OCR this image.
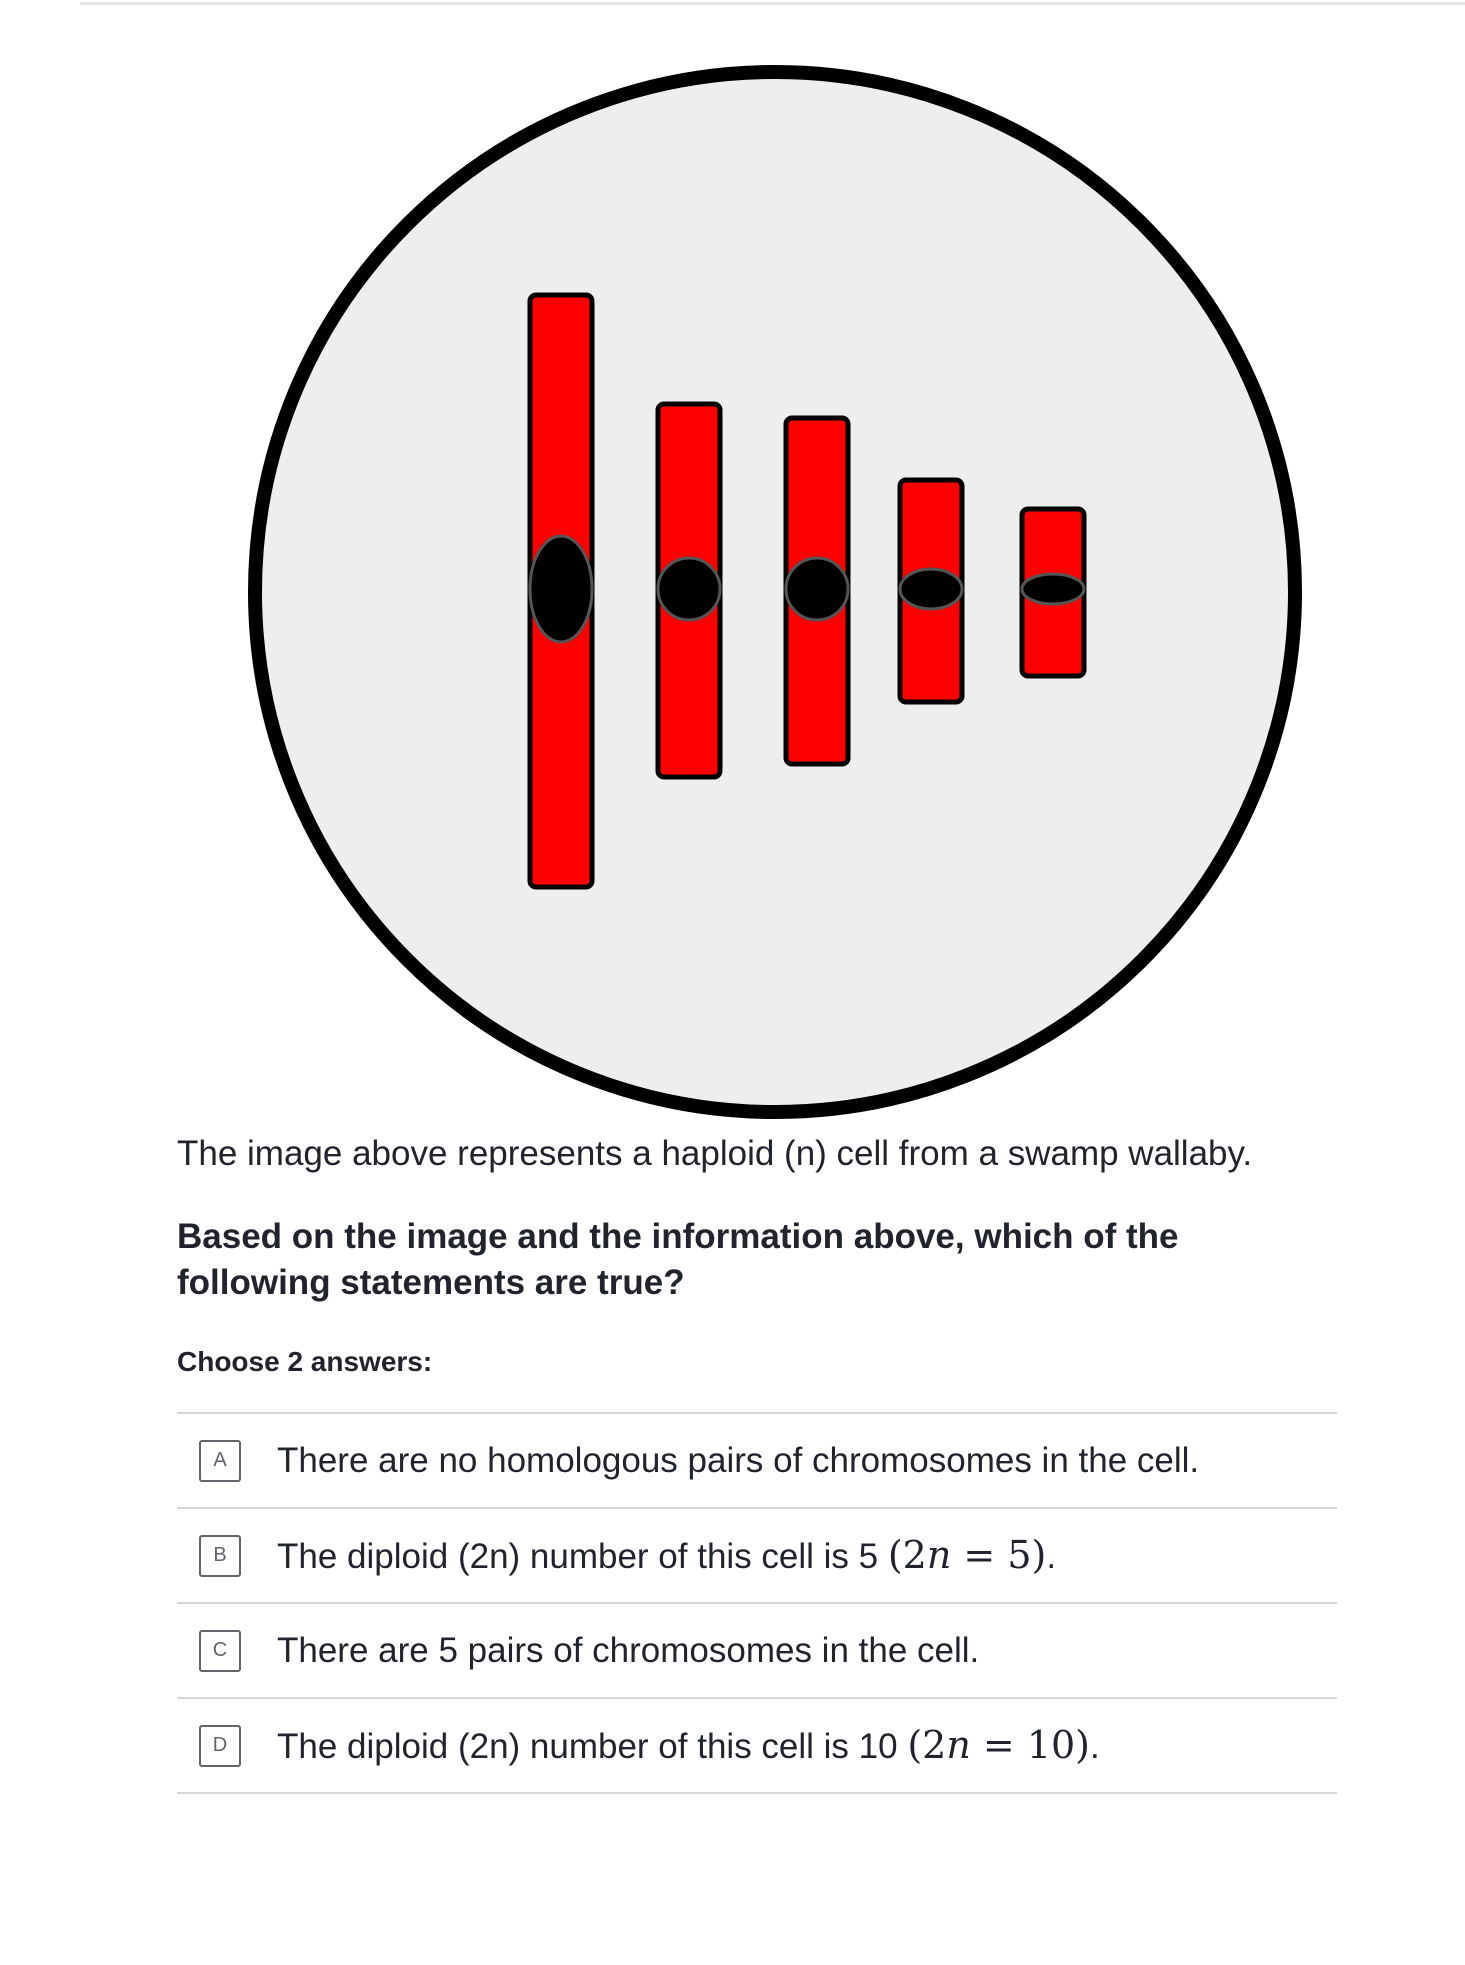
The image above represents a haploid (n) cell from a swamp wallaby.

Based on the image and the information above, which of the following statements are true?

Choose 2 answers:

A	There are no homologous pairs of chromosomes in the cell.
B	The diploid (2n) number of this cell is 5 (2n = 5).
C	There are 5 pairs of chromosomes in the cell.
D	The diploid (2n) number of this cell is 10 (2n = 10).
